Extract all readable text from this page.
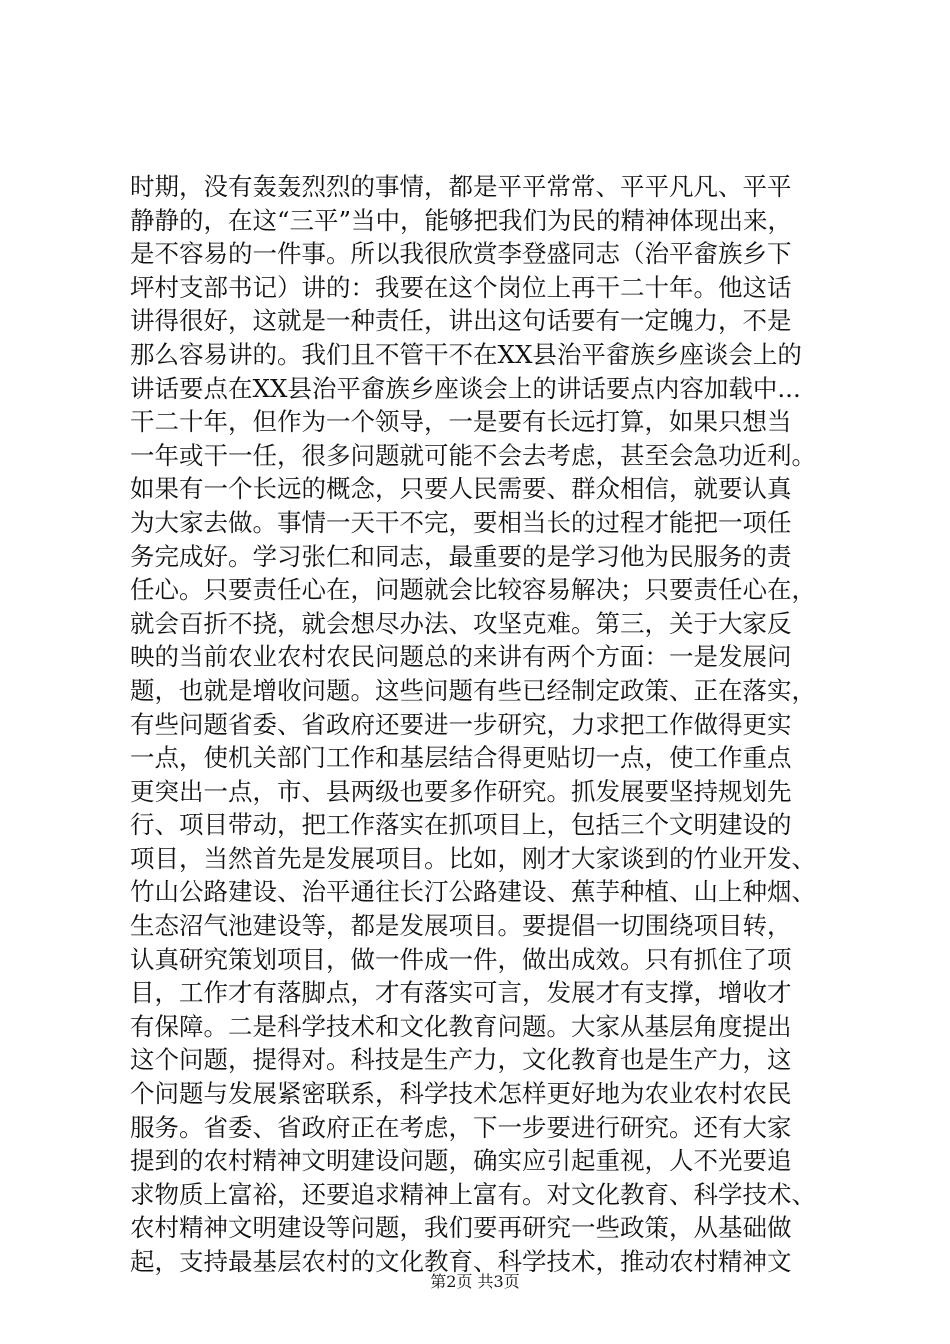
时期，没有轰轰烈烈的事情，都是平平常常、平平凡凡、平平
静静的，在这“三平”当中，能够把我们为民的精神体现出来，
是不容易的一件事。所以我很欣赏李登盛同志（治平畲族乡下
坪村支部书记）讲的：我要在这个岗位上再干二十年。他这话
讲得很好，这就是一种责任，讲出这句话要有一定魄力，不是
那么容易讲的。我们且不管干不在XX县治平畲族乡座谈会上的
讲话要点在XX县治平畲族乡座谈会上的讲话要点内容加载中...
干二十年，但作为一个领导，一是要有长远打算，如果只想当
一年或干一任，很多问题就可能不会去考虑，甚至会急功近利。
如果有一个长远的概念，只要人民需要、群众相信，就要认真
为大家去做。事情一天干不完，要相当长的过程才能把一项任
务完成好。学习张仁和同志，最重要的是学习他为民服务的责
任心。只要责任心在，问题就会比较容易解决；只要责任心在，
就会百折不挠，就会想尽办法、攻坚克难。第三，关于大家反
映的当前农业农村农民问题总的来讲有两个方面：一是发展问
题，也就是增收问题。这些问题有些已经制定政策、正在落实，
有些问题省委、省政府还要进一步研究，力求把工作做得更实
一点，使机关部门工作和基层结合得更贴切一点，使工作重点
更突出一点，市、县两级也要多作研究。抓发展要坚持规划先
行、项目带动，把工作落实在抓项目上，包括三个文明建设的
项目，当然首先是发展项目。比如，刚才大家谈到的竹业开发、
竹山公路建设、治平通往长汀公路建设、蕉芋种植、山上种烟、
生态沼气池建设等，都是发展项目。要提倡一切围绕项目转，
认真研究策划项目，做一件成一件，做出成效。只有抓住了项
目，工作才有落脚点，才有落实可言，发展才有支撑，增收才
有保障。二是科学技术和文化教育问题。大家从基层角度提出
这个问题，提得对。科技是生产力，文化教育也是生产力，这
个问题与发展紧密联系，科学技术怎样更好地为农业农村农民
服务。省委、省政府正在考虑，下一步要进行研究。还有大家
提到的农村精神文明建设问题，确实应引起重视，人不光要追
求物质上富裕，还要追求精神上富有。对文化教育、科学技术、
农村精神文明建设等问题，我们要再研究一些政策，从基础做
起，支持最基层农村的文化教育、科学技术，推动农村精神文
第2页 共3页
